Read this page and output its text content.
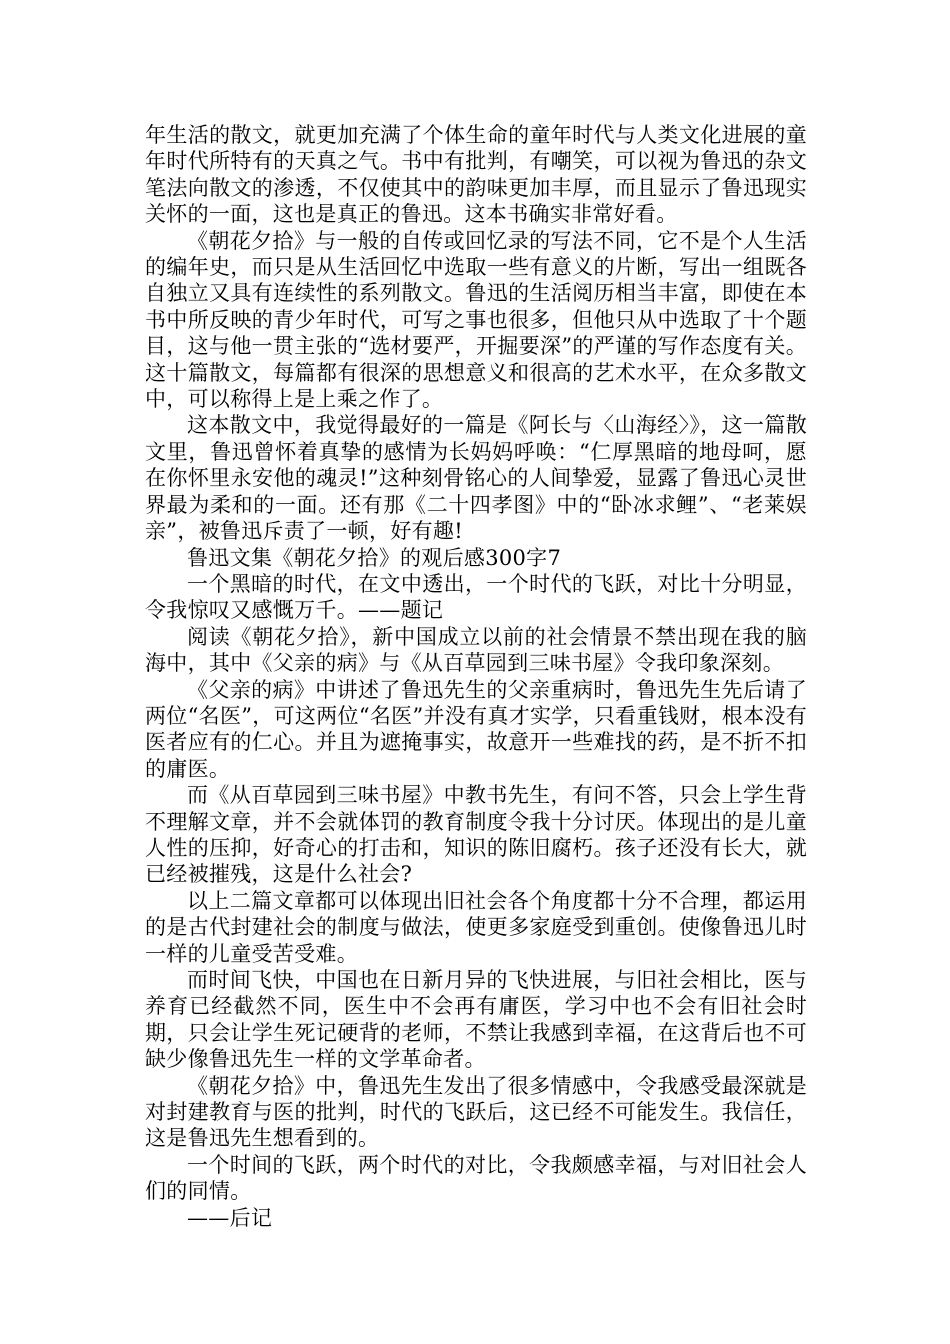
年生活的散文，就更加充满了个体生命的童年时代与人类文化进展的童年时代所特有的天真之气。书中有批判，有嘲笑，可以视为鲁迅的杂文笔法向散文的渗透，不仅使其中的韵味更加丰厚，而且显示了鲁迅现实关怀的一面，这也是真正的鲁迅。这本书确实非常好看。

《朝花夕拾》与一般的自传或回忆录的写法不同，它不是个人生活的编年史，而只是从生活回忆中选取一些有意义的片断，写出一组既各自独立又具有连续性的系列散文。鲁迅的生活阅历相当丰富，即使在本书中所反映的青少年时代，可写之事也很多，但他只从中选取了十个题目，这与他一贯主张的“选材要严，开掘要深”的严谨的写作态度有关。这十篇散文，每篇都有很深的思想意义和很高的艺术水平，在众多散文中，可以称得上是上乘之作了。

这本散文中，我觉得最好的一篇是《阿长与〈山海经〉》，这一篇散文里，鲁迅曾怀着真挚的感情为长妈妈呼唤：“仁厚黑暗的地母呵，愿在你怀里永安他的魂灵!”这种刻骨铭心的人间挚爱，显露了鲁迅心灵世界最为柔和的一面。还有那《二十四孝图》中的“卧冰求鲤”、“老莱娱亲”，被鲁迅斥责了一顿，好有趣!

鲁迅文集《朝花夕拾》的观后感300字7

一个黑暗的时代，在文中透出，一个时代的飞跃，对比十分明显，令我惊叹又感慨万千。——题记

阅读《朝花夕拾》，新中国成立以前的社会情景不禁出现在我的脑海中，其中《父亲的病》与《从百草园到三味书屋》令我印象深刻。

《父亲的病》中讲述了鲁迅先生的父亲重病时，鲁迅先生先后请了两位“名医”，可这两位“名医”并没有真才实学，只看重钱财，根本没有医者应有的仁心。并且为遮掩事实，故意开一些难找的药，是不折不扣的庸医。

而《从百草园到三味书屋》中教书先生，有问不答，只会上学生背不理解文章，并不会就体罚的教育制度令我十分讨厌。体现出的是儿童人性的压抑，好奇心的打击和，知识的陈旧腐朽。孩子还没有长大，就已经被摧残，这是什么社会?

以上二篇文章都可以体现出旧社会各个角度都十分不合理，都运用的是古代封建社会的制度与做法，使更多家庭受到重创。使像鲁迅儿时一样的儿童受苦受难。

而时间飞快，中国也在日新月异的飞快进展，与旧社会相比，医与养育已经截然不同，医生中不会再有庸医，学习中也不会有旧社会时期，只会让学生死记硬背的老师，不禁让我感到幸福，在这背后也不可缺少像鲁迅先生一样的文学革命者。

《朝花夕拾》中，鲁迅先生发出了很多情感中，令我感受最深就是对封建教育与医的批判，时代的飞跃后，这已经不可能发生。我信任，这是鲁迅先生想看到的。

一个时间的飞跃，两个时代的对比，令我颇感幸福，与对旧社会人们的同情。

——后记
